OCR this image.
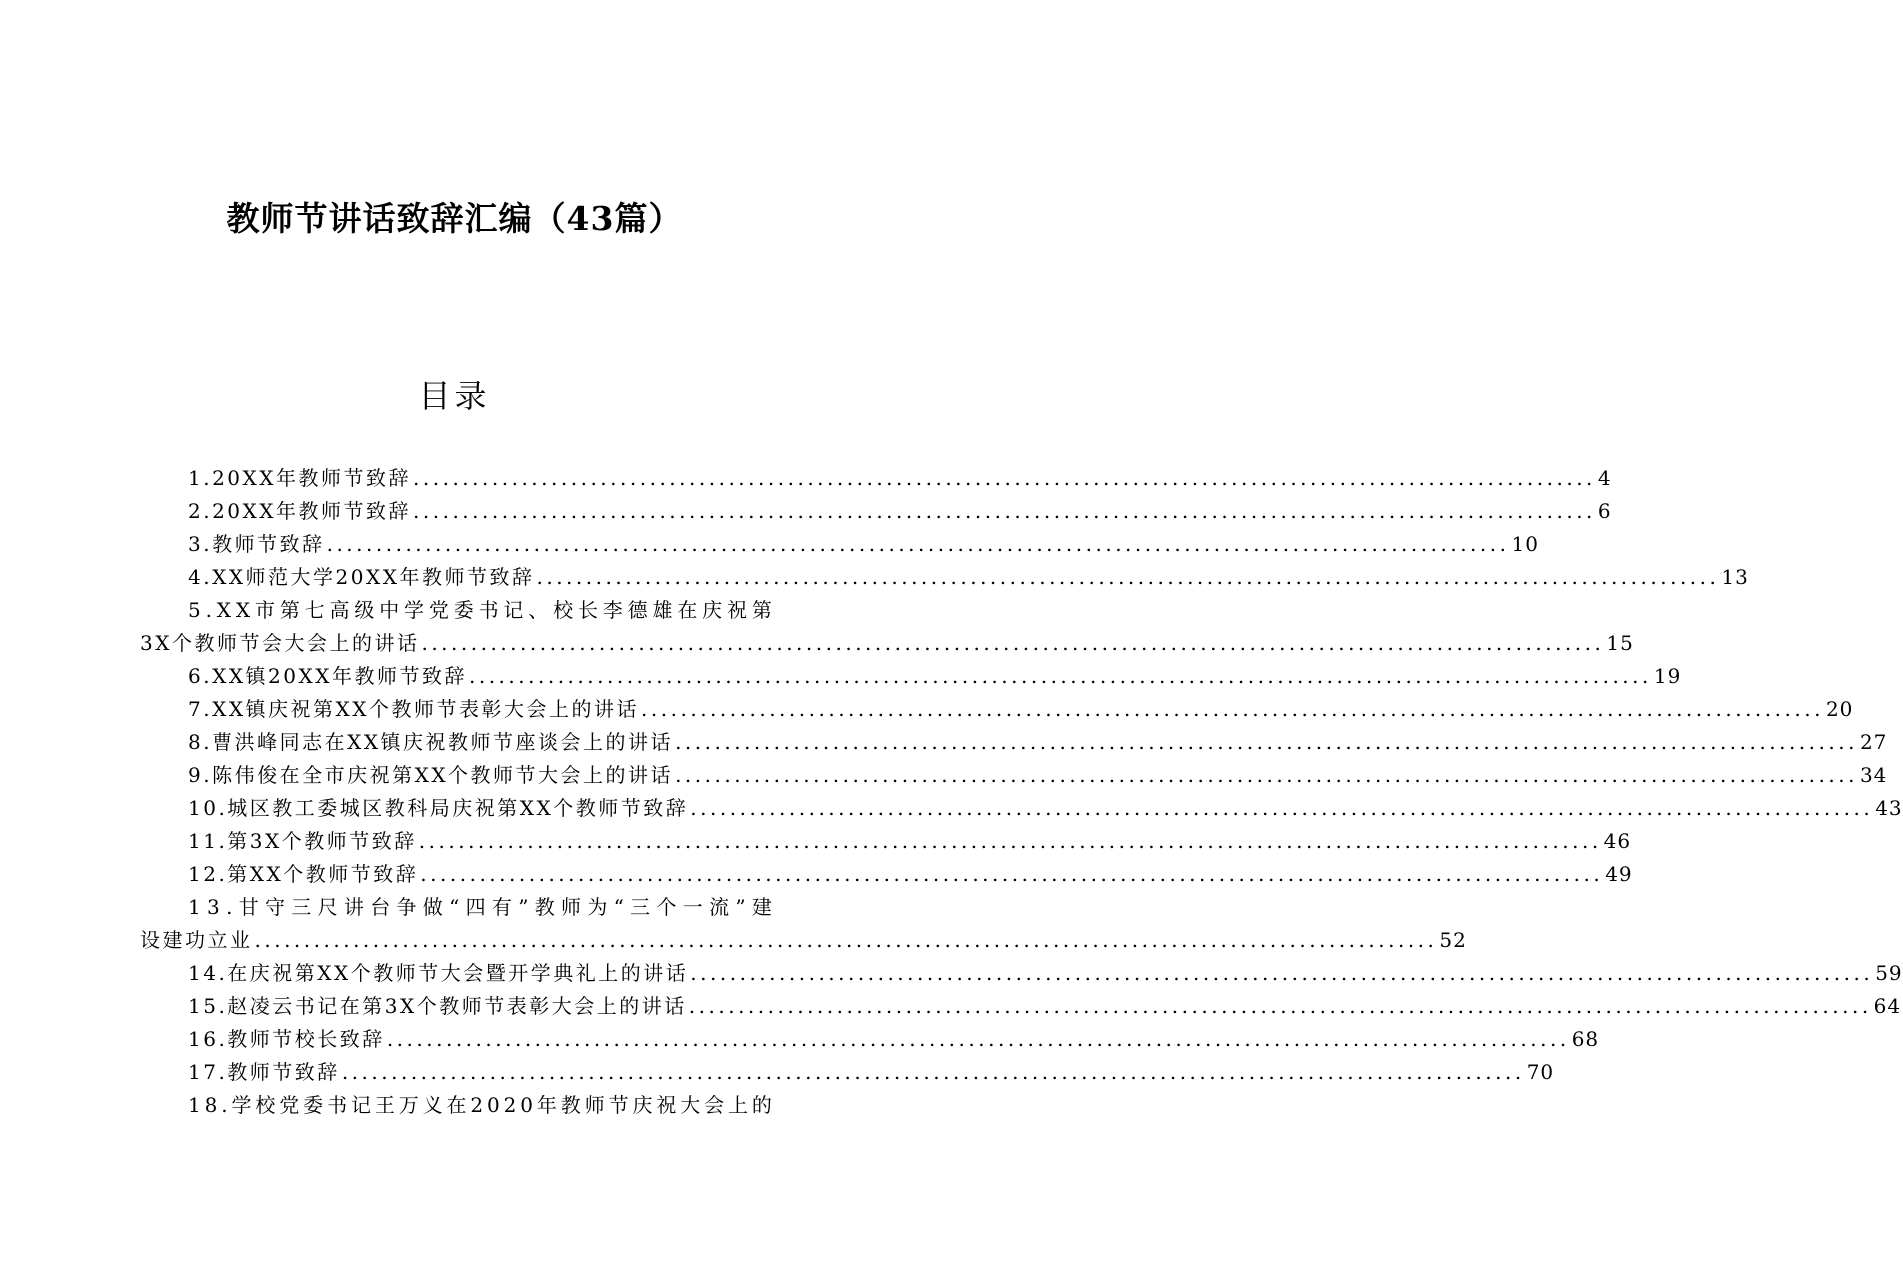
教师节讲话致辞汇编（43篇）
目录
1.20XX年教师节致辞 ........................................................................................................................ 4
2.20XX年教师节致辞 ........................................................................................................................ 6
3.教师节致辞 ........................................................................................................................ 10
4.XX师范大学20XX年教师节致辞 ........................................................................................................................ 13
5 . X X 市 第 七 高 级 中 学 党 委 书 记 、 校 长 李 德 雄 在 庆 祝 第
3X个教师节会大会上的讲话 ........................................................................................................................ 15
6.XX镇20XX年教师节致辞 ........................................................................................................................ 19
7.XX镇庆祝第XX个教师节表彰大会上的讲话 ........................................................................................................................ 20
8.曹洪峰同志在XX镇庆祝教师节座谈会上的讲话 ........................................................................................................................ 27
9.陈伟俊在全市庆祝第XX个教师节大会上的讲话 ........................................................................................................................ 34
10.城区教工委城区教科局庆祝第XX个教师节致辞 ........................................................................................................................ 43
11.第3X个教师节致辞 ........................................................................................................................ 46
12.第XX个教师节致辞 ........................................................................................................................ 49
1 3 . 甘 守 三 尺 讲 台 争 做 “ 四 有 ” 教 师 为 “ 三 个 一 流 ” 建
设建功立业 ........................................................................................................................ 52
14.在庆祝第XX个教师节大会暨开学典礼上的讲话 ........................................................................................................................ 59
15.赵凌云书记在第3X个教师节表彰大会上的讲话 ........................................................................................................................ 64
16.教师节校长致辞 ........................................................................................................................ 68
17.教师节致辞 ........................................................................................................................ 70
1 8 . 学 校 党 委 书 记 王 万 义 在 2 0 2 0 年 教 师 节 庆 祝 大 会 上 的
